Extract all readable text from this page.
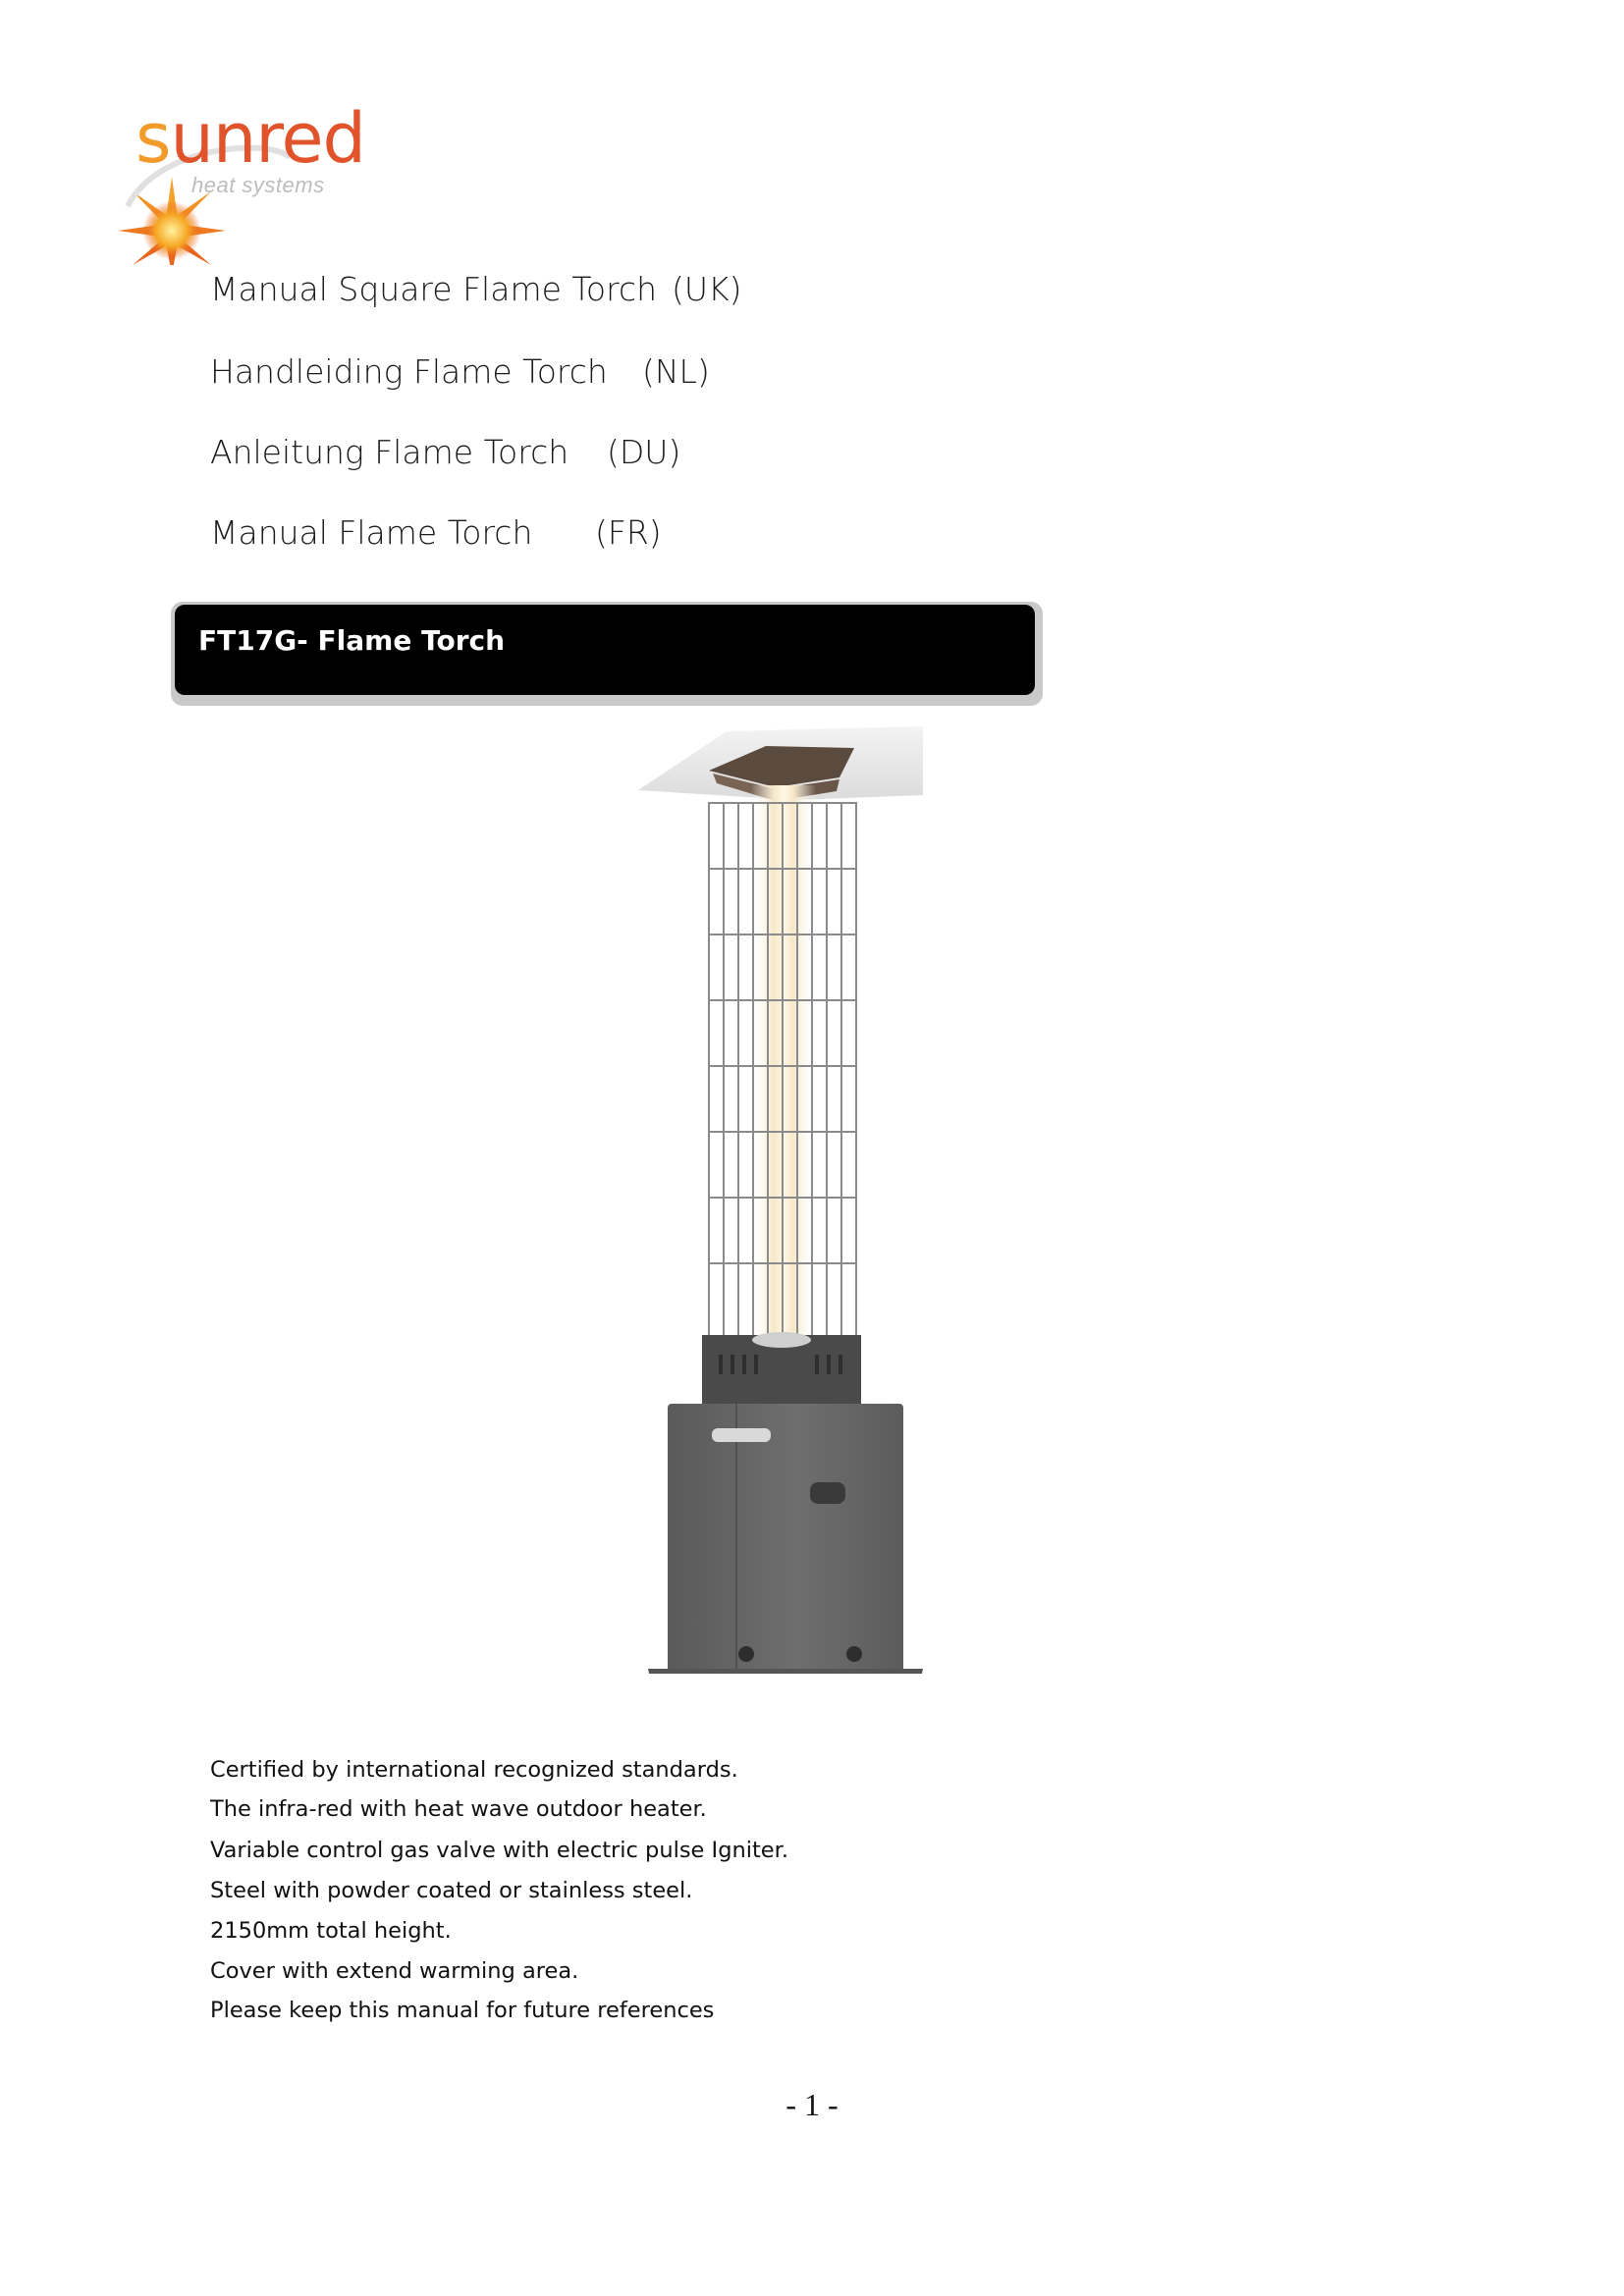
sunred
heat systems
Manual Square Flame Torch (UK)
Handleiding Flame Torch (NL)
Anleitung Flame Torch (DU)
Manual Flame Torch (FR)
FT17G- Flame Torch
Certified by international recognized standards.
The infra-red with heat wave outdoor heater.
Variable control gas valve with electric pulse Igniter.
Steel with powder coated or stainless steel.
2150mm total height.
Cover with extend warming area.
Please keep this manual for future references
- 1 -
